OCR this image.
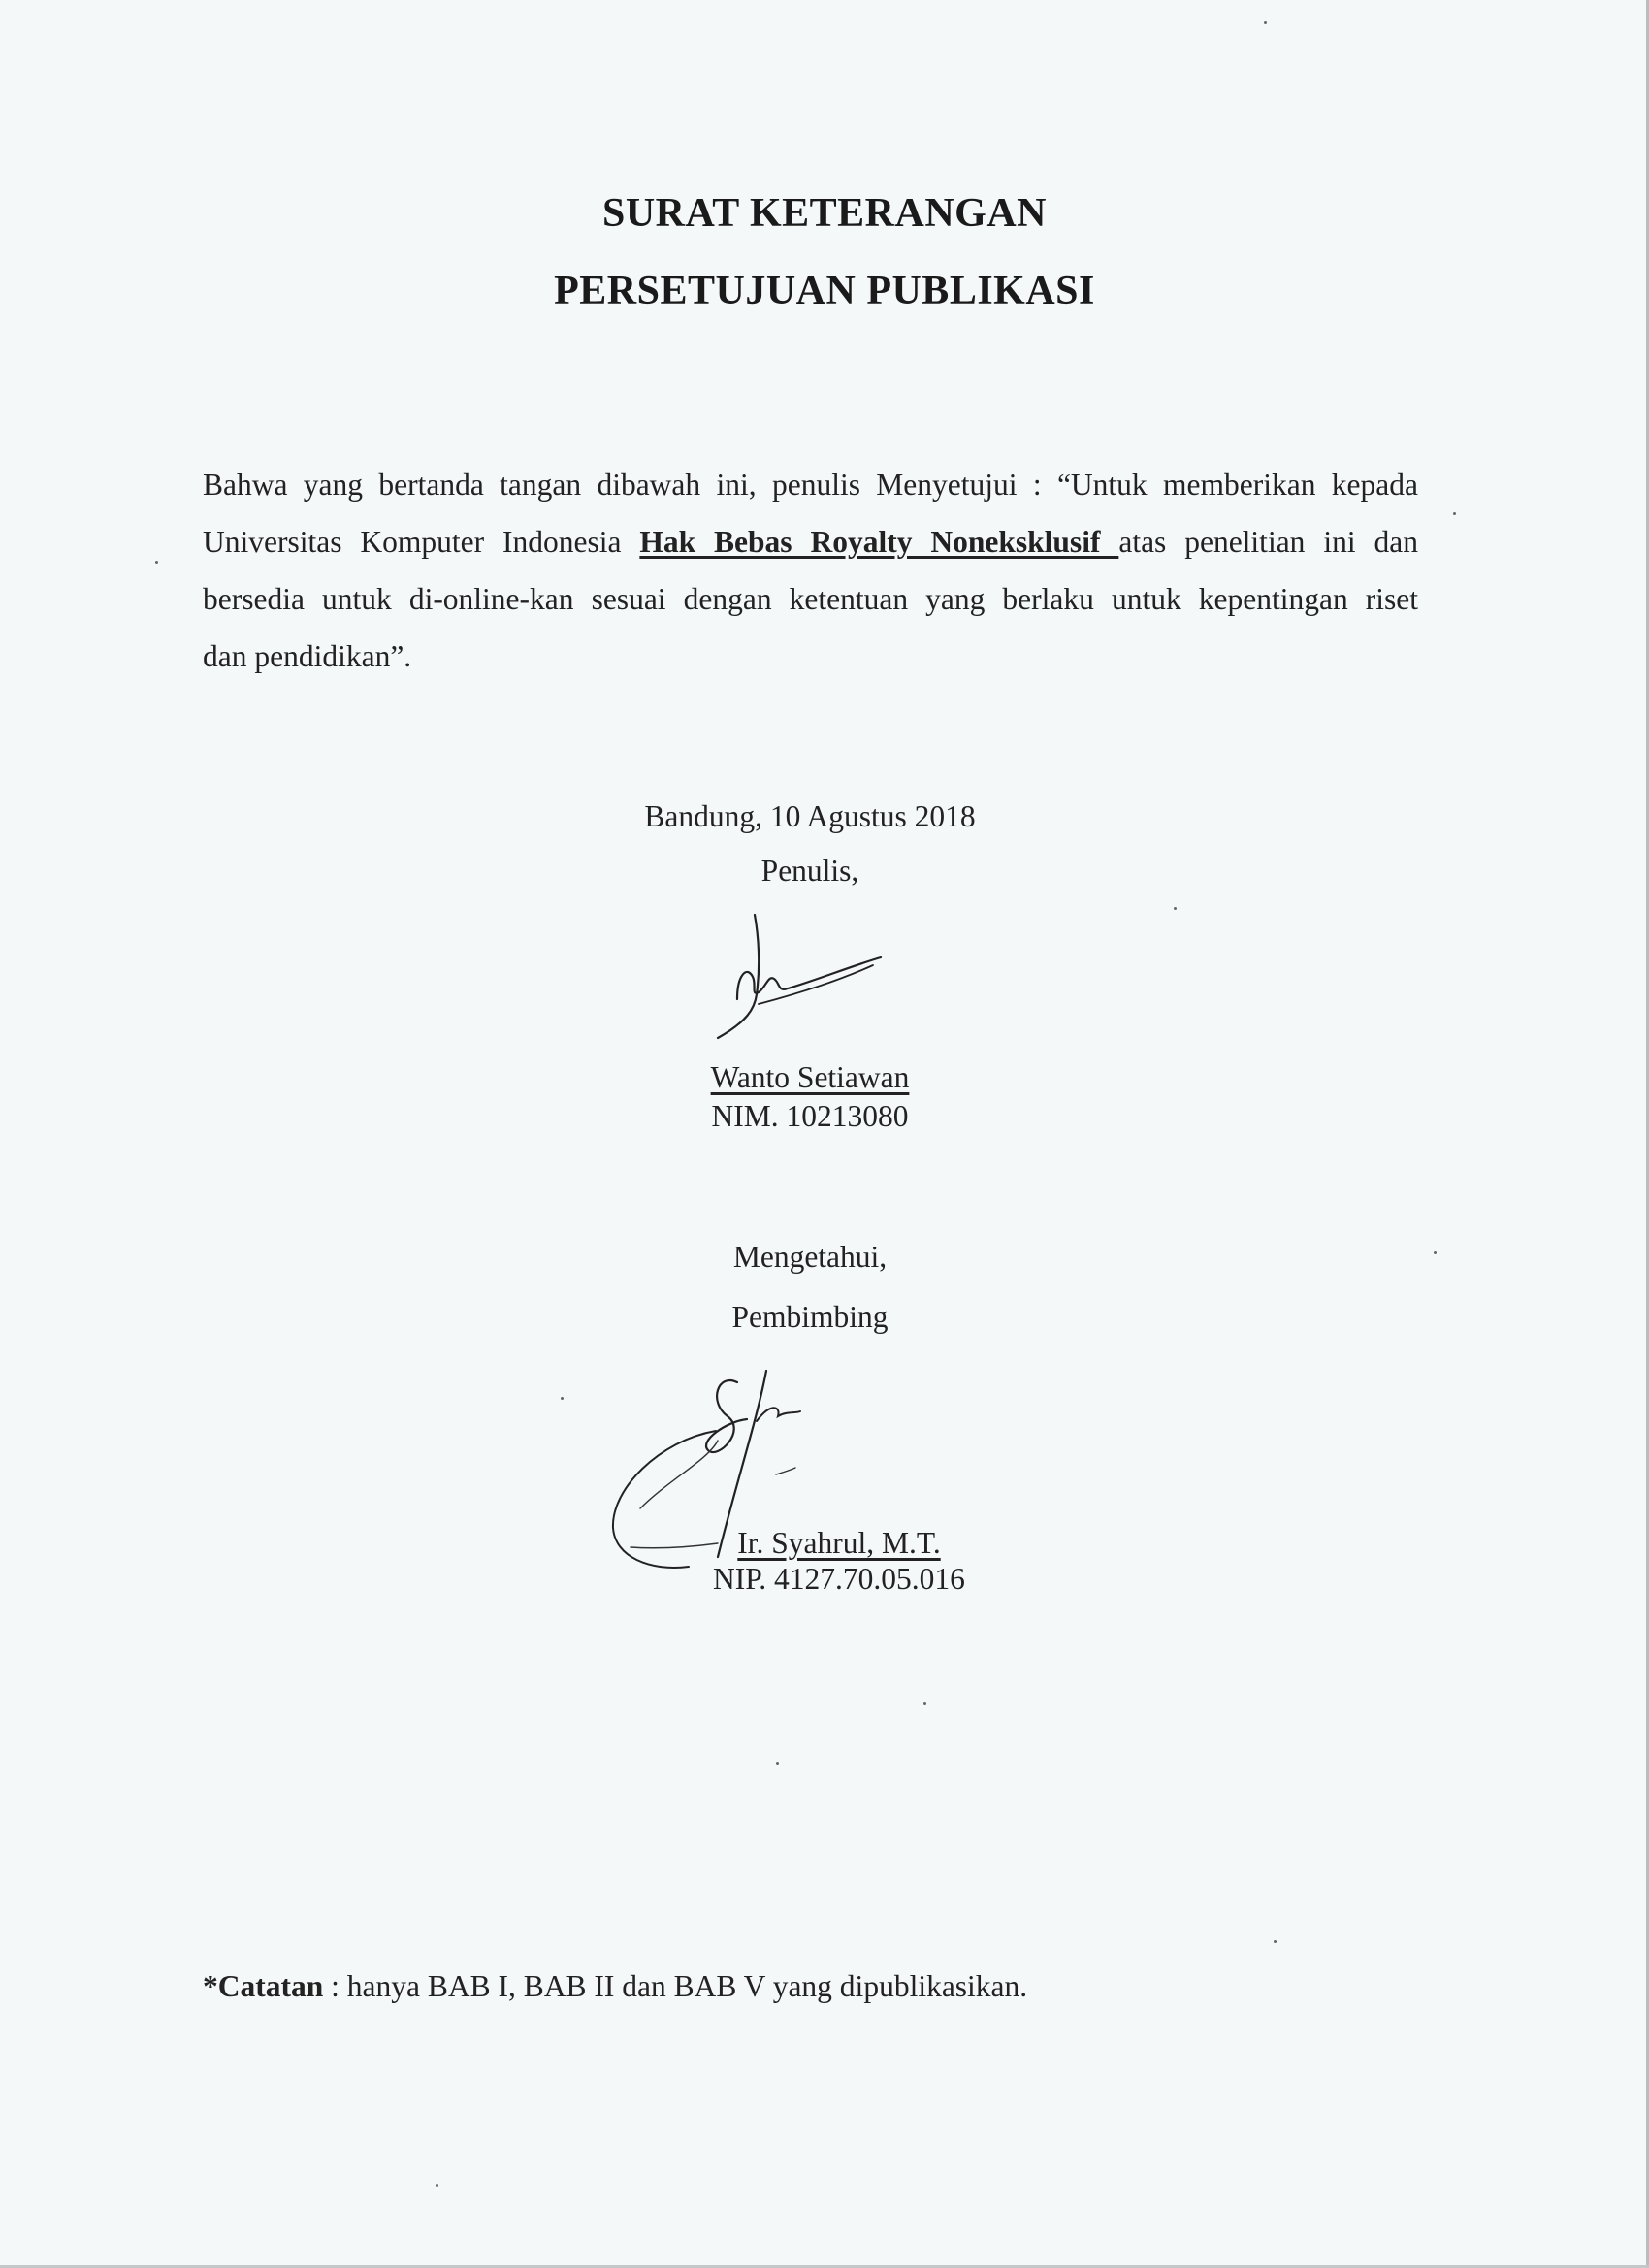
SURAT KETERANGAN
PERSETUJUAN PUBLIKASI
Bahwa yang bertanda tangan dibawah ini, penulis Menyetujui : “Untuk memberikan kepada
Universitas Komputer Indonesia Hak Bebas Royalty Noneksklusif atas penelitian ini dan
bersedia untuk di-online-kan sesuai dengan ketentuan yang berlaku untuk kepentingan riset
dan pendidikan”.
Bandung, 10 Agustus 2018
Penulis,
Wanto Setiawan
NIM. 10213080
Mengetahui,
Pembimbing
Ir. Syahrul, M.T.
NIP. 4127.70.05.016
*Catatan : hanya BAB I, BAB II dan BAB V yang dipublikasikan.
